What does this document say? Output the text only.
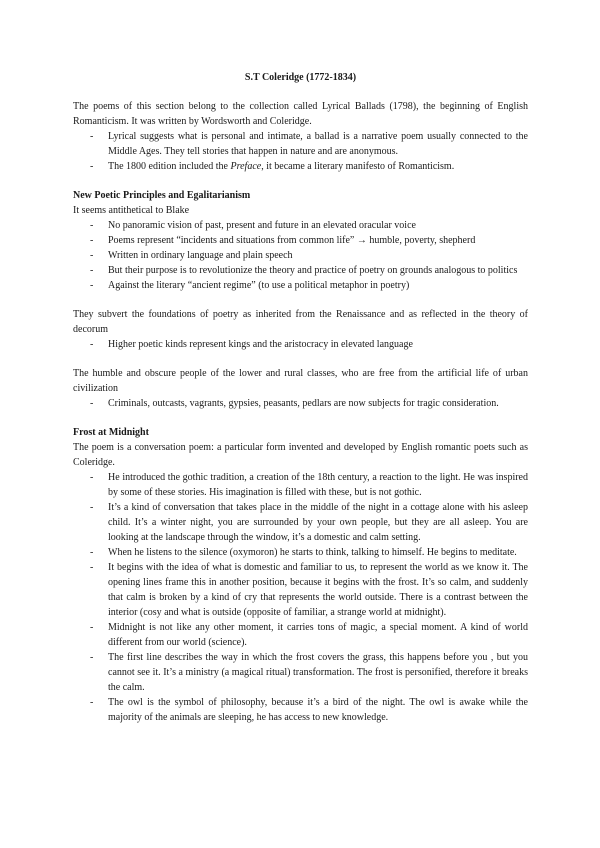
S.T Coleridge (1772-1834)

The poems of this section belong to the collection called Lyrical Ballads (1798), the beginning of English Romanticism. It was written by Wordsworth and Coleridge.

- Lyrical suggests what is personal and intimate, a ballad is a narrative poem usually connected to the Middle Ages. They tell stories that happen in nature and are anonymous.
- The 1800 edition included the Preface, it became a literary manifesto of Romanticism.

New Poetic Principles and Egalitarianism

It seems antithetical to Blake

- No panoramic vision of past, present and future in an elevated oracular voice
- Poems represent “incidents and situations from common life” → humble, poverty, shepherd
- Written in ordinary language and plain speech
- But their purpose is to revolutionize the theory and practice of poetry on grounds analogous to politics
- Against the literary “ancient regime” (to use a political metaphor in poetry)

They subvert the foundations of poetry as inherited from the Renaissance and as reflected in the theory of decorum

- Higher poetic kinds represent kings and the aristocracy in elevated language

The humble and obscure people of the lower and rural classes, who are free from the artificial life of urban civilization

- Criminals, outcasts, vagrants, gypsies, peasants, pedlars are now subjects for tragic consideration.

Frost at Midnight

The poem is a conversation poem: a particular form invented and developed by English romantic poets such as Coleridge.

- He introduced the gothic tradition, a creation of the 18th century, a reaction to the light. He was inspired by some of these stories. His imagination is filled with these, but is not gothic.
- It’s a kind of conversation that takes place in the middle of the night in a cottage alone with his asleep child. It’s a winter night, you are surrounded by your own people, but they are all asleep. You are looking at the landscape through the window, it’s a domestic and calm setting.
- When he listens to the silence (oxymoron) he starts to think, talking to himself. He begins to meditate.
- It begins with the idea of what is domestic and familiar to us, to represent the world as we know it. The opening lines frame this in another position, because it begins with the frost. It’s so calm, and suddenly that calm is broken by a kind of cry that represents the world outside. There is a contrast between the interior (cosy and what is outside (opposite of familiar, a strange world at midnight).
- Midnight is not like any other moment, it carries tons of magic, a special moment. A kind of world different from our world (science).
- The first line describes the way in which the frost covers the grass, this happens before you , but you cannot see it. It’s a ministry (a magical ritual) transformation. The frost is personified, therefore it breaks the calm.
- The owl is the symbol of philosophy, because it’s a bird of the night. The owl is awake while the majority of the animals are sleeping, he has access to new knowledge.
